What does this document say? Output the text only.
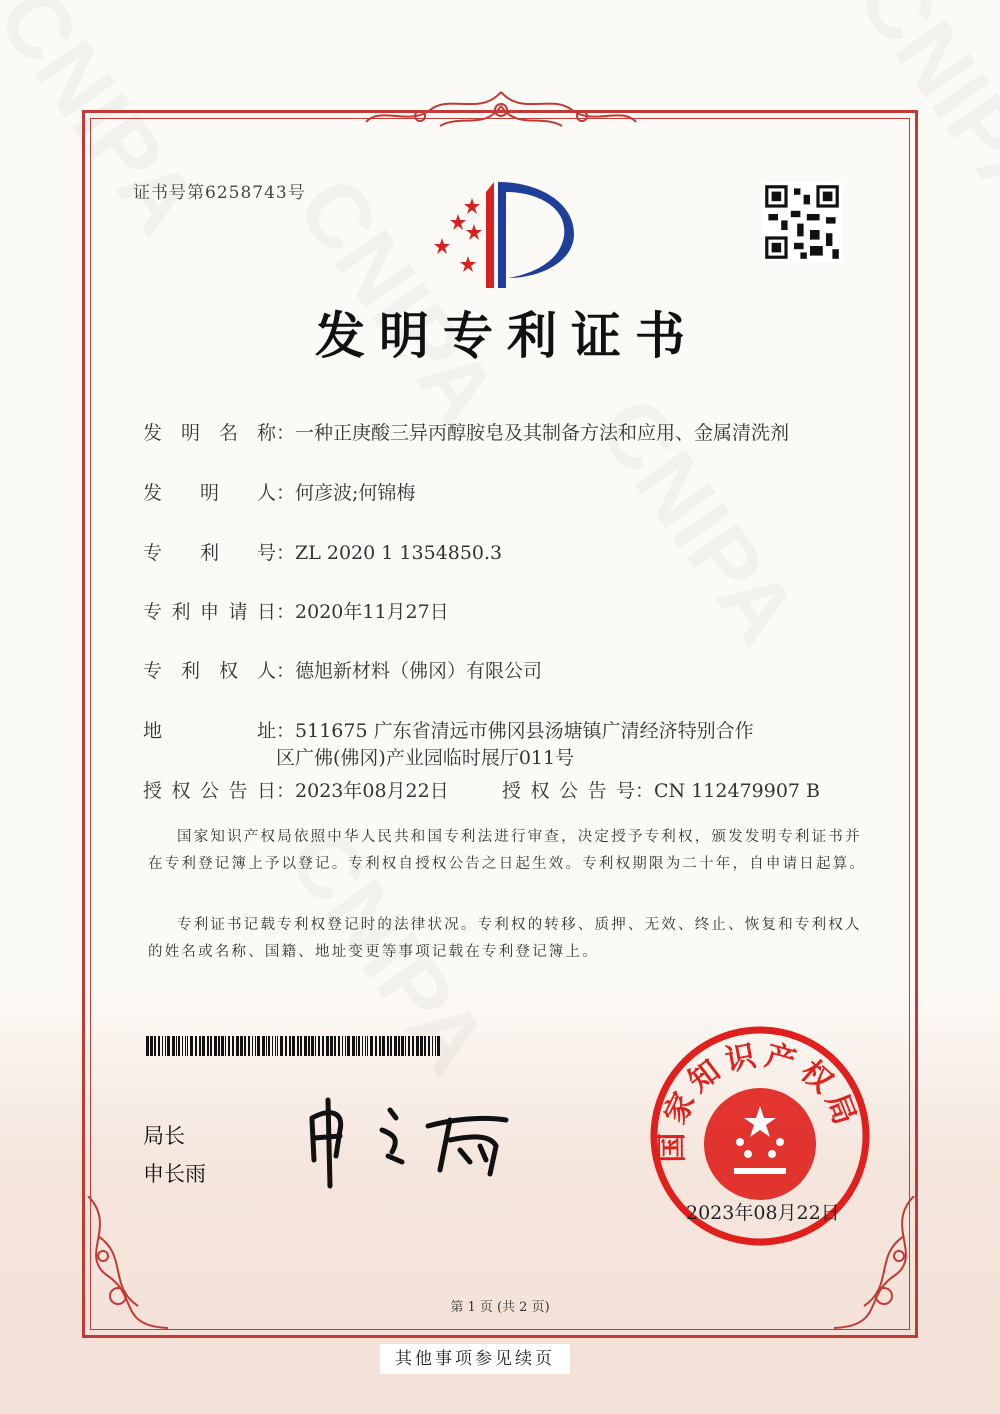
证书号第6258743号
发明专利证书
发明名称：一种正庚酸三异丙醇胺皂及其制备方法和应用、金属清洗剂
发明人：何彦波;何锦梅
专利号：ZL 2020 1 1354850.3
专利申请日：2020年11月27日
专利权人：德旭新材料（佛冈）有限公司
地址：511675 广东省清远市佛冈县汤塘镇广清经济特别合作
区广佛(佛冈)产业园临时展厅011号
授权公告日：2023年08月22日	授权公告号：CN 112479907 B
国家知识产权局依照中华人民共和国专利法进行审查，决定授予专利权，颁发发明专利证书并在专利登记簿上予以登记。专利权自授权公告之日起生效。专利权期限为二十年，自申请日起算。
专利证书记载专利权登记时的法律状况。专利权的转移、质押、无效、终止、恢复和专利权人的姓名或名称、国籍、地址变更等事项记载在专利登记簿上。
局长
申长雨
国家知识产权局
2023年08月22日
第 1 页 (共 2 页)
其他事项参见续页
